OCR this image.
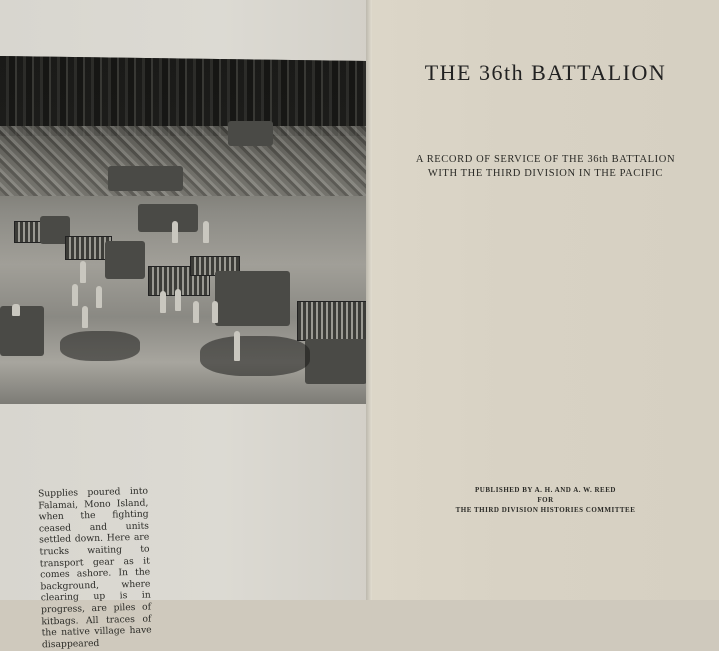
Supplies poured into Falamai, Mono Island, when the fighting ceased and units settled down. Here are trucks waiting to transport gear as it comes ashore. In the background, where clearing up is in progress, are piles of kitbags. All traces of the native village have disappeared
THE 36th BATTALION
A RECORD OF SERVICE OF THE 36th BATTALION
WITH THE THIRD DIVISION IN THE PACIFIC
PUBLISHED BY A. H. AND A. W. REED
FOR
THE THIRD DIVISION HISTORIES COMMITTEE
